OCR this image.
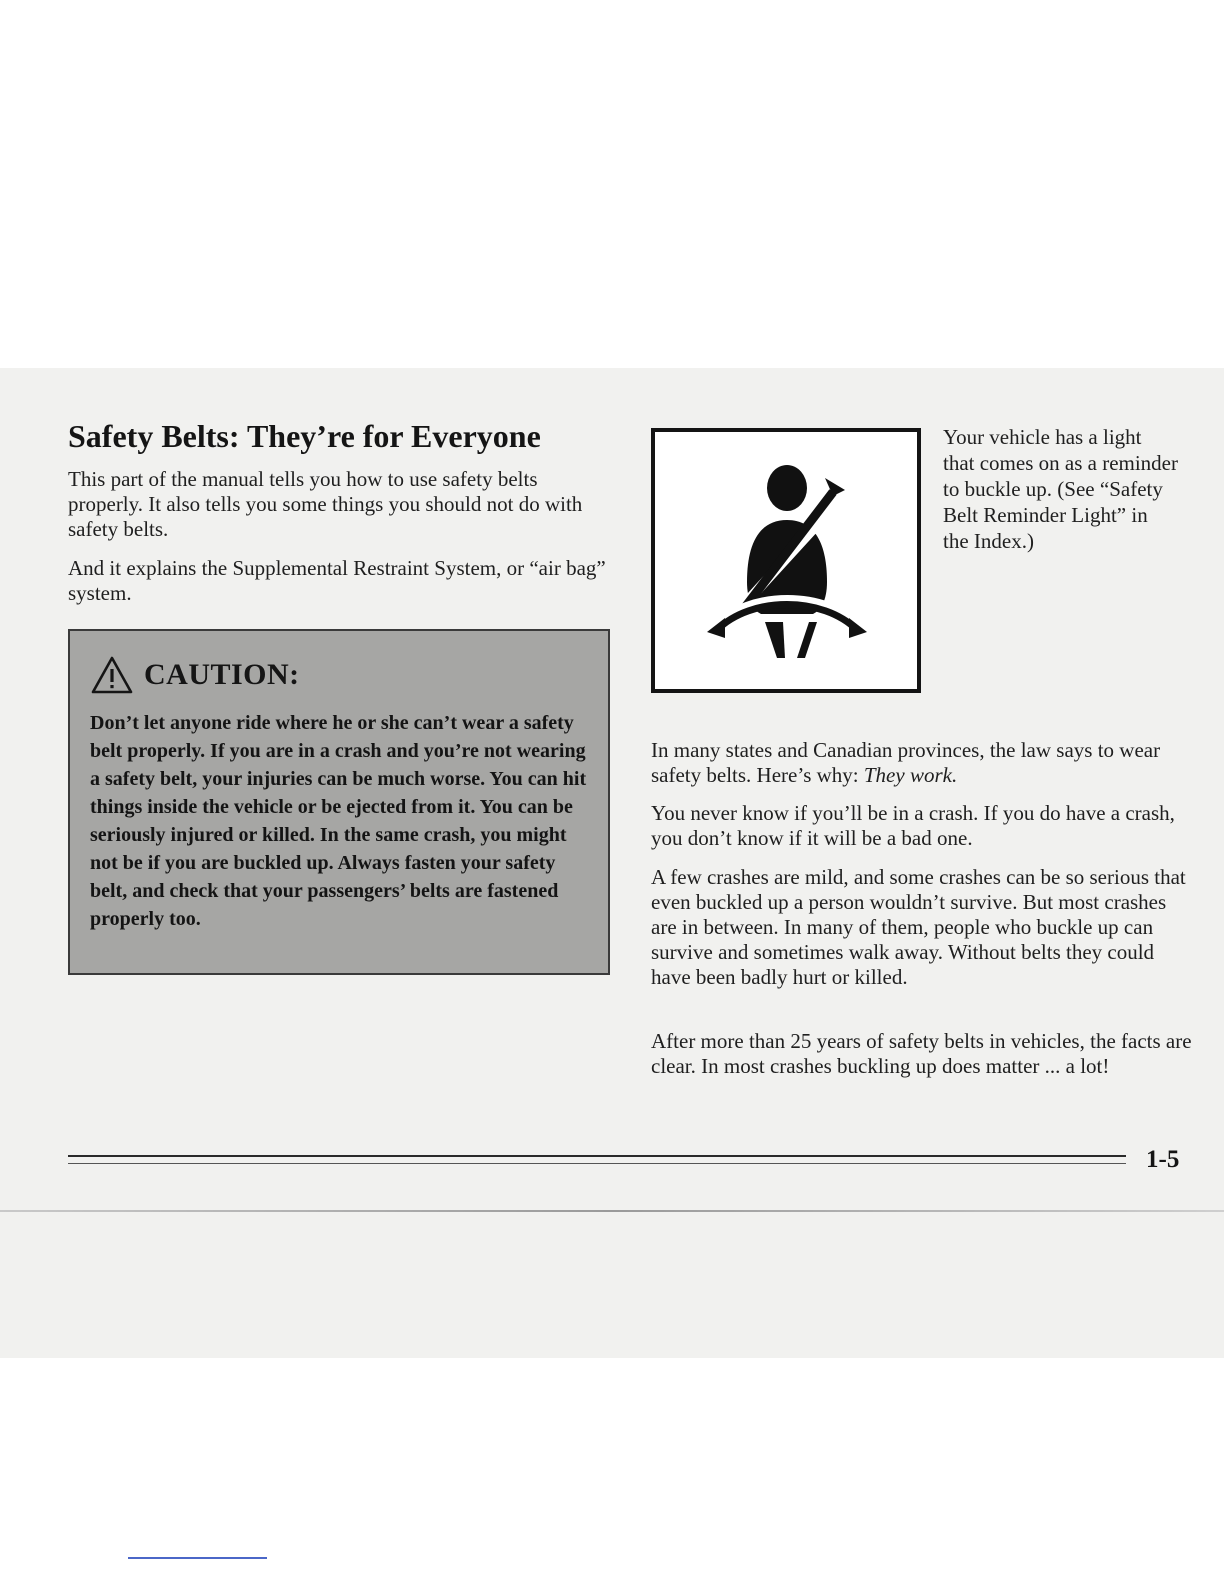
Safety Belts: They’re for Everyone

This part of the manual tells you how to use safety belts properly. It also tells you some things you should not do with safety belts.

And it explains the Supplemental Restraint System, or “air bag” system.

CAUTION:

Don’t let anyone ride where he or she can’t wear a safety belt properly. If you are in a crash and you’re not wearing a safety belt, your injuries can be much worse. You can hit things inside the vehicle or be ejected from it. You can be seriously injured or killed. In the same crash, you might not be if you are buckled up. Always fasten your safety belt, and check that your passengers’ belts are fastened properly too.

Your vehicle has a light that comes on as a reminder to buckle up. (See “Safety Belt Reminder Light” in the Index.)

In many states and Canadian provinces, the law says to wear safety belts. Here’s why: They work.

You never know if you’ll be in a crash. If you do have a crash, you don’t know if it will be a bad one.

A few crashes are mild, and some crashes can be so serious that even buckled up a person wouldn’t survive. But most crashes are in between. In many of them, people who buckle up can survive and sometimes walk away. Without belts they could have been badly hurt or killed.

After more than 25 years of safety belts in vehicles, the facts are clear. In most crashes buckling up does matter ... a lot!

1-5
